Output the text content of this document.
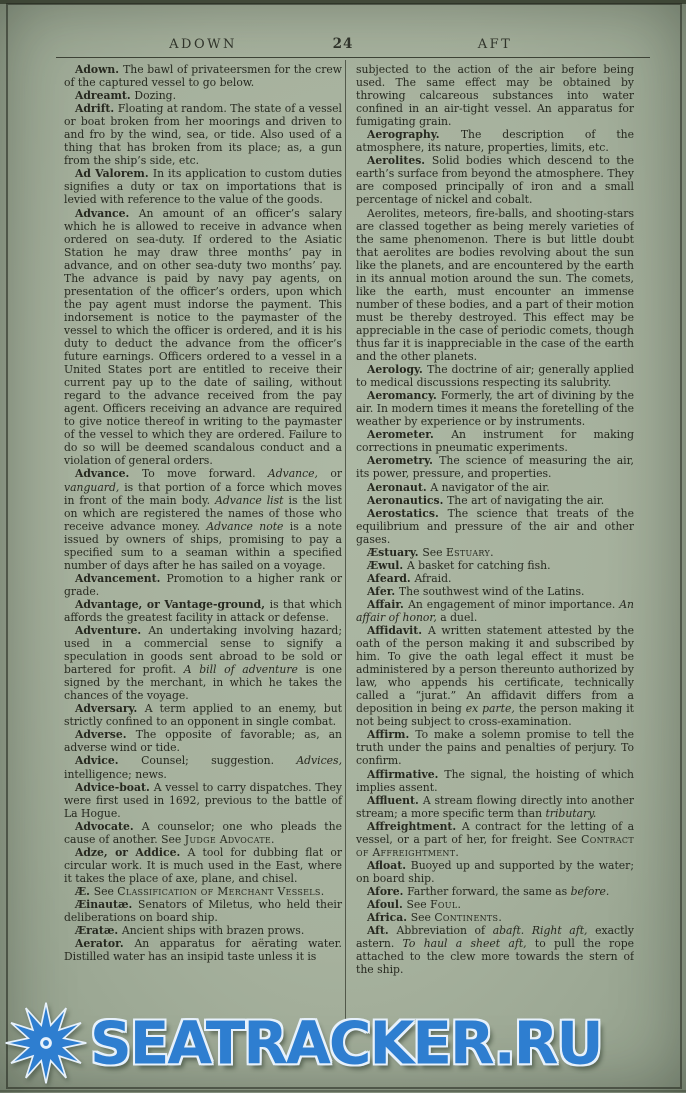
ADOWN	24	AFT

Adown. The bawl of privateersmen for the crew of the captured vessel to go below.

Adreamt. Dozing.

Adrift. Floating at random. The state of a vessel or boat broken from her moorings and driven to and fro by the wind, sea, or tide. Also used of a thing that has broken from its place; as, a gun from the ship’s side, etc.

Ad Valorem. In its application to custom duties signifies a duty or tax on importations that is levied with reference to the value of the goods.

Advance. An amount of an officer’s salary which he is allowed to receive in advance when ordered on sea-duty. If ordered to the Asiatic Station he may draw three months’ pay in advance, and on other sea-duty two months’ pay. The advance is paid by navy pay agents, on presentation of the officer’s orders, upon which the pay agent must indorse the payment. This indorsement is notice to the paymaster of the vessel to which the officer is ordered, and it is his duty to deduct the advance from the officer’s future earnings. Officers ordered to a vessel in a United States port are entitled to receive their current pay up to the date of sailing, without regard to the advance received from the pay agent. Officers receiving an advance are required to give notice thereof in writing to the paymaster of the vessel to which they are ordered. Failure to do so will be deemed scandalous conduct and a violation of general orders.

Advance. To move forward. Advance, or vanguard, is that portion of a force which moves in front of the main body. Advance list is the list on which are registered the names of those who receive advance money. Advance note is a note issued by owners of ships, promising to pay a specified sum to a seaman within a specified number of days after he has sailed on a voyage.

Advancement. Promotion to a higher rank or grade.

Advantage, or Vantage-ground, is that which affords the greatest facility in attack or defense.

Adventure. An undertaking involving hazard; used in a commercial sense to signify a speculation in goods sent abroad to be sold or bartered for profit. A bill of adventure is one signed by the merchant, in which he takes the chances of the voyage.

Adversary. A term applied to an enemy, but strictly confined to an opponent in single combat.

Adverse. The opposite of favorable; as, an adverse wind or tide.

Advice. Counsel; suggestion. Advices, intelligence; news.

Advice-boat. A vessel to carry dispatches. They were first used in 1692, previous to the battle of La Hogue.

Advocate. A counselor; one who pleads the cause of another. See Judge Advocate.

Adze, or Addice. A tool for dubbing flat or circular work. It is much used in the East, where it takes the place of axe, plane, and chisel.

Æ. See Classification of Merchant Vessels.

Æinautæ. Senators of Miletus, who held their deliberations on board ship.

Æratæ. Ancient ships with brazen prows.

Aerator. An apparatus for aërating water. Distilled water has an insipid taste unless it is

subjected to the action of the air before being used. The same effect may be obtained by throwing calcareous substances into water confined in an air-tight vessel. An apparatus for fumigating grain.

Aerography. The description of the atmosphere, its nature, properties, limits, etc.

Aerolites. Solid bodies which descend to the earth’s surface from beyond the atmosphere. They are composed principally of iron and a small percentage of nickel and cobalt.

Aerolites, meteors, fire-balls, and shooting-stars are classed together as being merely varieties of the same phenomenon. There is but little doubt that aerolites are bodies revolving about the sun like the planets, and are encountered by the earth in its annual motion around the sun. The comets, like the earth, must encounter an immense number of these bodies, and a part of their motion must be thereby destroyed. This effect may be appreciable in the case of periodic comets, though thus far it is inappreciable in the case of the earth and the other planets.

Aerology. The doctrine of air; generally applied to medical discussions respecting its salubrity.

Aeromancy. Formerly, the art of divining by the air. In modern times it means the foretelling of the weather by experience or by instruments.

Aerometer. An instrument for making corrections in pneumatic experiments.

Aerometry. The science of measuring the air, its power, pressure, and properties.

Aeronaut. A navigator of the air.

Aeronautics. The art of navigating the air.

Aerostatics. The science that treats of the equilibrium and pressure of the air and other gases.

Æstuary. See Estuary.

Æwul. A basket for catching fish.

Afeard. Afraid.

Afer. The southwest wind of the Latins.

Affair. An engagement of minor importance. An affair of honor, a duel.

Affidavit. A written statement attested by the oath of the person making it and subscribed by him. To give the oath legal effect it must be administered by a person thereunto authorized by law, who appends his certificate, technically called a “jurat.” An affidavit differs from a deposition in being ex parte, the person making it not being subject to cross-examination.

Affirm. To make a solemn promise to tell the truth under the pains and penalties of perjury. To confirm.

Affirmative. The signal, the hoisting of which implies assent.

Affluent. A stream flowing directly into another stream; a more specific term than tributary.

Affreightment. A contract for the letting of a vessel, or a part of her, for freight. See Contract of Affreightment.

Afloat. Buoyed up and supported by the water; on board ship.

Afore. Farther forward, the same as before.

Afoul. See Foul.

Africa. See Continents.

Aft. Abbreviation of abaft. Right aft, exactly astern. To haul a sheet aft, to pull the rope attached to the clew more towards the stern of the ship.

SEATRACKER.RU
